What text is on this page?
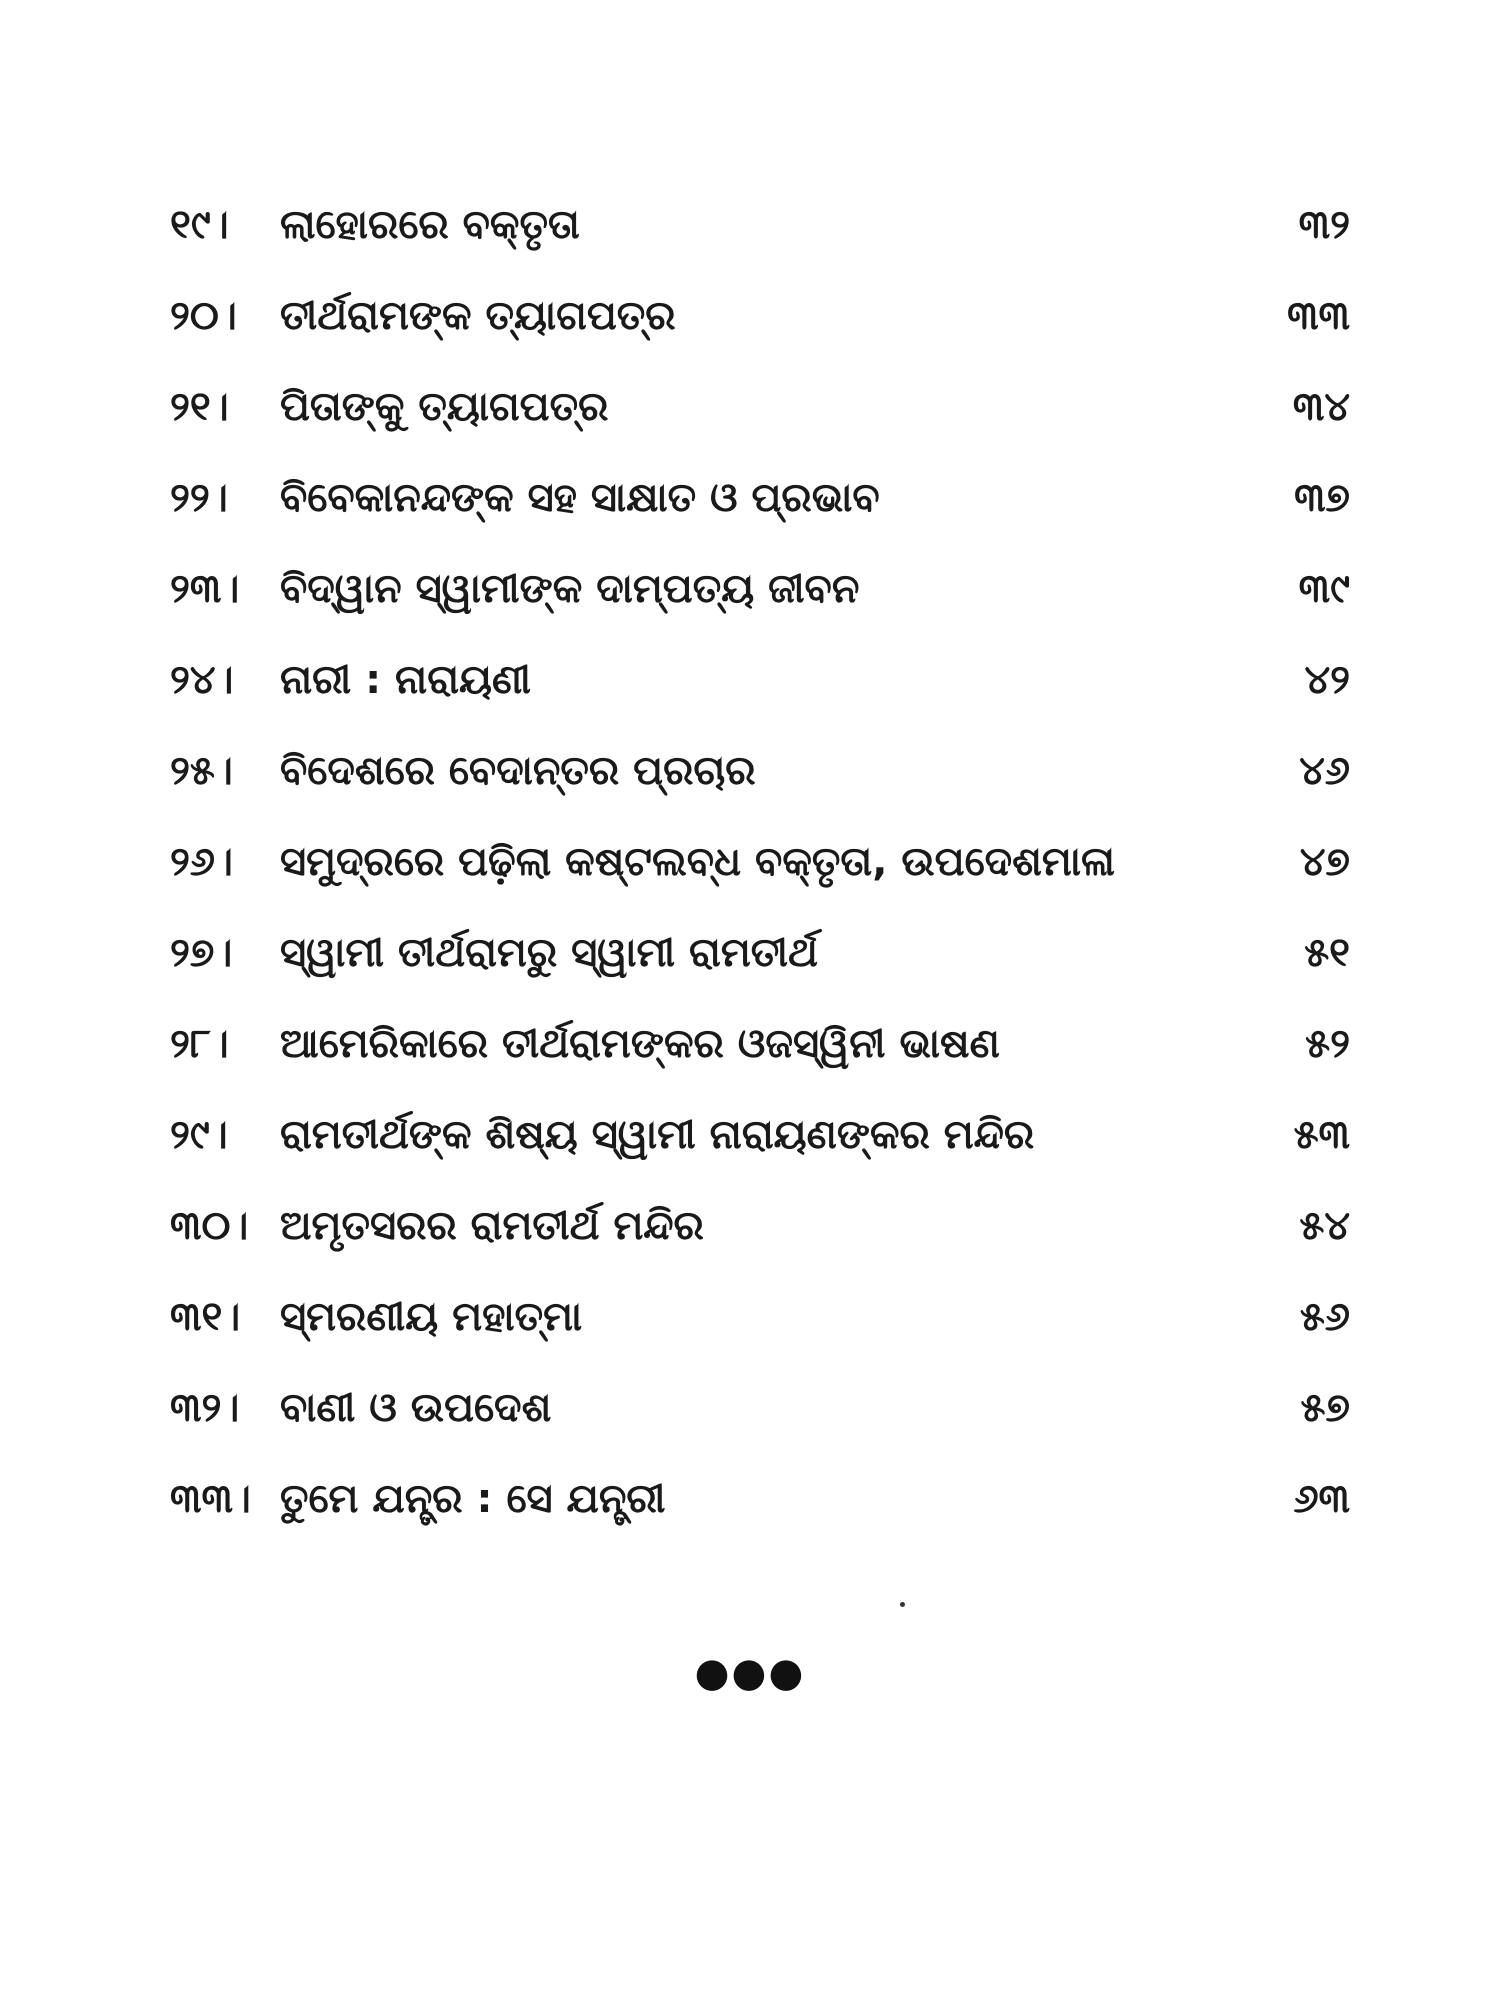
୧୯।	ଲାହୋରରେ ବକ୍ତୃତା	୩୨
୨୦।	ତୀର୍ଥରାମଙ୍କ ତ୍ୟାଗପତ୍ର	୩୩
୨୧।	ପିତାଙ୍କୁ ତ୍ୟାଗପତ୍ର	୩୪
୨୨।	ବିବେକାନନ୍ଦଙ୍କ ସହ ସାକ୍ଷାତ ଓ ପ୍ରଭାବ	୩୭
୨୩।	ବିଦ୍ୱାନ ସ୍ୱାମୀଙ୍କ ଦାମ୍ପତ୍ୟ ଜୀବନ	୩୯
୨୪।	ନାରୀ : ନାରାୟଣୀ	୪୨
୨୫।	ବିଦେଶରେ ବେଦାନ୍ତର ପ୍ରଚାର	୪୬
୨୬।	ସମୁଦ୍ରରେ ପଢ଼ିଲା କଷ୍ଟଲବ୍ଧ ବକ୍ତୃତା, ଉପଦେଶମାଳା	୪୭
୨୭।	ସ୍ୱାମୀ ତୀର୍ଥରାମରୁ ସ୍ୱାମୀ ରାମତୀର୍ଥ	୫୧
୨୮।	ଆମେରିକାରେ ତୀର୍ଥରାମଙ୍କର ଓଜସ୍ୱିନୀ ଭାଷଣ	୫୨
୨୯।	ରାମତୀର୍ଥଙ୍କ ଶିଷ୍ୟ ସ୍ୱାମୀ ନାରାୟଣଙ୍କର ମନ୍ଦିର	୫୩
୩୦। ଅମୃତସରର ରାମତୀର୍ଥ ମନ୍ଦିର	୫୪
୩୧। ସ୍ମରଣୀୟ ମହାତ୍ମା	୫୬
୩୨।	ବାଣୀ ଓ ଉପଦେଶ	୫୭
୩୩। ତୁମେ ଯନ୍ତ୍ର : ସେ ଯନ୍ତ୍ରୀ	୬୩
●●●
